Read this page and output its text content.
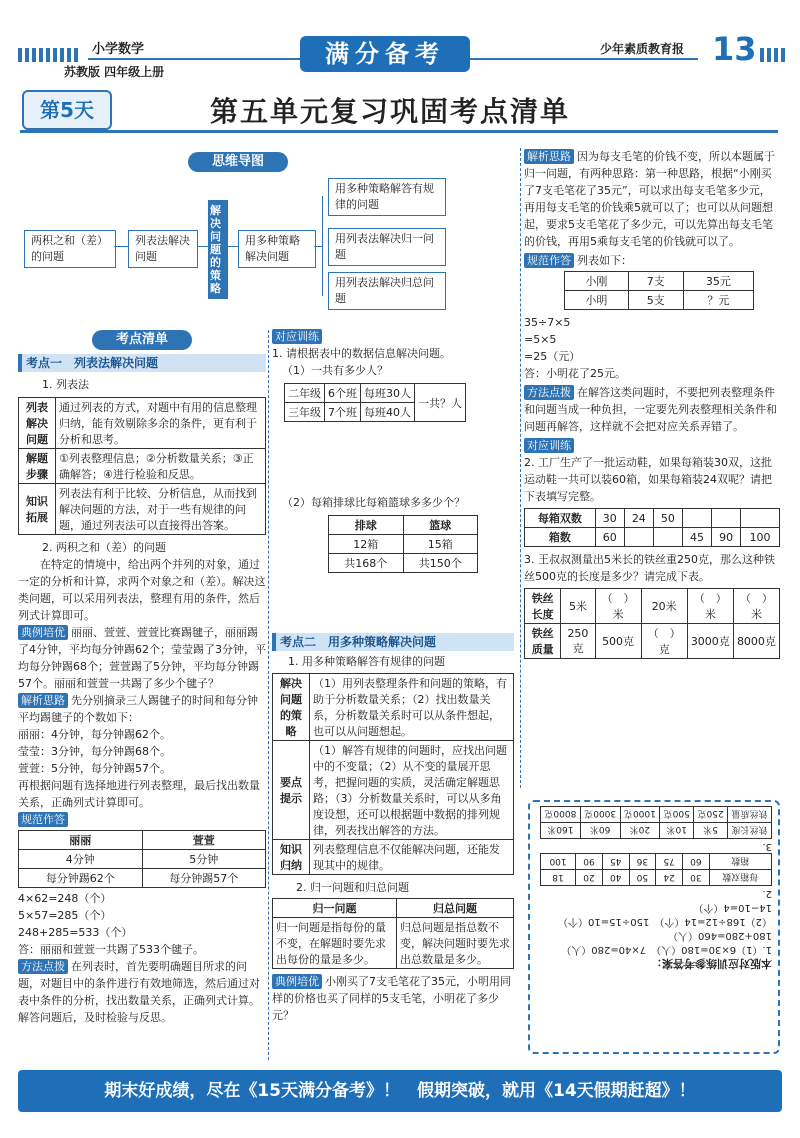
小学数学
苏教版 四年级上册
满分备考	少年素质教育报 13
第5天	第五单元复习巩固考点清单
思维导图
两积之和（差）的问题
列表法解决问题
解决问题的策略
用多种策略解决问题
用多种策略解答有规律的问题
用列表法解决归一问题
用列表法解决归总问题
考点清单
考点一　列表法解决问题
1. 列表法
列表解决问题	通过列表的方式，对题中有用的信息整理归纳，能有效剔除多余的条件，更有利于分析和思考。
解题步骤	①列表整理信息；②分析数量关系；③正确解答；④进行检验和反思。
知识拓展	列表法有利于比较、分析信息，从而找到解决问题的方法，对于一些有规律的问题，通过列表法可以直接得出答案。
2. 两积之和（差）的问题
在特定的情境中，给出两个并列的对象，通过一定的分析和计算，求两个对象之和（差）。解决这类问题，可以采用列表法，整理有用的条件，然后列式计算即可。
典例培优 丽丽、萱萱、萱萱比赛踢毽子，丽丽踢了4分钟，平均每分钟踢62个；莹莹踢了3分钟，平均每分钟踢68个；萱萱踢了5分钟，平均每分钟踢57个。丽丽和萱萱一共踢了多少个毽子？
解析思路 先分别摘录三人踢毽子的时间和每分钟平均踢毽子的个数如下：
丽丽：4分钟，每分钟踢62个。
莹莹：3分钟，每分钟踢68个。
萱萱：5分钟，每分钟踢57个。
再根据问题有选择地进行列表整理，最后找出数量关系，正确列式计算即可。
规范作答
丽丽	萱萱
4分钟	5分钟
每分钟踢62个	每分钟踢57个
4×62=248（个）
5×57=285（个）
248+285=533（个）
答：丽丽和萱萱一共踢了533个毽子。
方法点拨 在列表时，首先要明确题目所求的问题，对题目中的条件进行有效地筛选，然后通过对表中条件的分析，找出数量关系，正确列式计算。解答问题后，及时检验与反思。
对应训练
1. 请根据表中的数据信息解决问题。
（1）一共有多少人？
二年级	6个班	每班30人	一共？人
三年级	7个班	每班40人	
（2）每箱排球比每箱篮球多多少个？
排球	篮球
12箱	15箱
共168个	共150个
考点二　用多种策略解决问题
1. 用多种策略解答有规律的问题
解决问题的策略	（1）用列表整理条件和问题的策略，有助于分析数量关系；（2）找出数量关系，分析数量关系时可以从条件想起，也可以从问题想起。
要点提示	（1）解答有规律的问题时，应找出问题中的不变量；（2）从不变的量展开思考，把握问题的实质，灵活确定解题思路；（3）分析数量关系时，可以从多角度设想，还可以根据题中数据的排列规律，列表找出解答的方法。
知识归纳	列表整理信息不仅能解决问题，还能发现其中的规律。
2. 归一问题和归总问题
归一问题	归总问题
归一问题是指每份的量不变，在解题时要先求出每份的量是多少。	归总问题是指总数不变，解决问题时要先求出总数量是多少。
典例培优 小刚买了7支毛笔花了35元，小明用同样的价格也买了同样的5支毛笔，小明花了多少元？
解析思路 因为每支毛笔的价钱不变，所以本题属于归一问题，有两种思路：第一种思路，根据“小刚买了7支毛笔花了35元”，可以求出每支毛笔多少元，再用每支毛笔的价钱乘5就可以了；也可以从问题想起，要求5支毛笔花了多少元，可以先算出每支毛笔的价钱，再用5乘每支毛笔的价钱就可以了。
规范作答 列表如下：
小刚	7支	35元
小明	5支	？元
35÷7×5
=5×5
=25（元）
答：小明花了25元。
方法点拨 在解答这类问题时，不要把列表整理条件和问题当成一种负担，一定要先列表整理相关条件和问题再解答，这样就不会把对应关系弄错了。
对应训练
2. 工厂生产了一批运动鞋，如果每箱装30双，这批运动鞋一共可以装60箱，如果每箱装24双呢？请把下表填写完整。
每箱双数	30	24	50			
箱数	60			45	90	100
3. 王叔叔测量出5米长的铁丝重250克，那么这种铁丝500克的长度是多少？请完成下表。
铁丝长度	5米	（　）米	20米	（　）米	（　）米
铁丝质量	250克	500克	（　）克	3000克	8000克
本版对应训练参考答案：
1.（1）6×30=180（人）　7×40=280（人）
180+280=460（人）
（2）168÷12=14（个）　150÷15=10（个）
14−10=4（个）
2.
每箱双数	30	24	50	40	20	18
箱数	60	75	36	45	90	100
3.
铁丝长度	5米	10米	20米	60米	160米
铁丝质量	250克	500克	1000克	3000克	8000克
期末好成绩，尽在《15天满分备考》！　假期突破，就用《14天假期赶超》！
